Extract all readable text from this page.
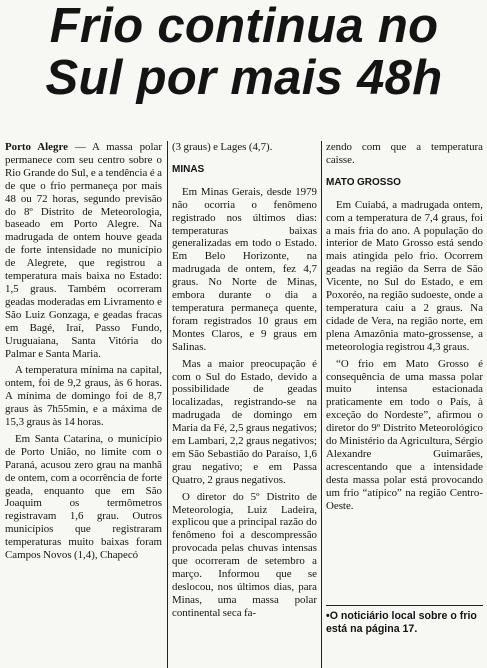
Frio continua no
Sul por mais 48h

Porto Alegre — A massa polar permanece com seu centro sobre o Rio Grande do Sul, e a tendência é a de que o frio permaneça por mais 48 ou 72 horas, segundo previsão do 8º Distrito de Meteorologia, baseado em Porto Alegre. Na madrugada de ontem houve geada de forte intensidade no município de Alegrete, que registrou a temperatura mais baixa no Estado: 1,5 graus. Também ocorreram geadas moderadas em Livramento e São Luiz Gonzaga, e geadas fracas em Bagé, Iraí, Passo Fundo, Uruguaiana, Santa Vitória do Palmar e Santa Maria.

A temperatura mínima na capital, ontem, foi de 9,2 graus, às 6 horas. A mínima de domingo foi de 8,7 graus às 7h55min, e a máxima de 15,3 graus às 14 horas.

Em Santa Catarina, o município de Porto União, no limite com o Paraná, acusou zero grau na manhã de ontem, com a ocorrência de forte geada, enquanto que em São Joaquim os termômetros registravam 1,6 grau. Outros municípios que registraram temperaturas muito baixas foram Campos Novos (1,4), Chapecó

(3 graus) e Lages (4,7).

MINAS

Em Minas Gerais, desde 1979 não ocorria o fenômeno registrado nos últimos dias: temperaturas baixas generalizadas em todo o Estado. Em Belo Horizonte, na madrugada de ontem, fez 4,7 graus. No Norte de Minas, embora durante o dia a temperatura permaneça quente, foram registrados 10 graus em Montes Claros, e 9 graus em Salinas.

Mas a maior preocupação é com o Sul do Estado, devido a possibilidade de geadas localizadas, registrando-se na madrugada de domingo em Maria da Fé, 2,5 graus negativos; em Lambari, 2,2 graus negativos; em São Sebastião do Paraíso, 1,6 grau negativo; e em Passa Quatro, 2 graus negativos.

O diretor do 5º Distrito de Meteorologia, Luiz Ladeira, explicou que a principal razão do fenômeno foi a descompressão provocada pelas chuvas intensas que ocorreram de setembro a março. Informou que se deslocou, nos últimos dias, para Minas, uma massa polar continental seca fa-

zendo com que a temperatura caisse.

MATO GROSSO

Em Cuiabá, a madrugada ontem, com a temperatura de 7,4 graus, foi a mais fria do ano. A população do interior de Mato Grosso está sendo mais atingida pelo frio. Ocorrem geadas na região da Serra de São Vicente, no Sul do Estado, e em Poxoréo, na região sudoeste, onde a temperatura caiu a 2 graus. Na cidade de Vera, na região norte, em plena Amazônia mato-grossense, a meteorologia registrou 4,3 graus.

“O frio em Mato Grosso é consequência de uma massa polar muito intensa estacionada praticamente em todo o País, à exceção do Nordeste”, afirmou o diretor do 9º Distrito Meteorológico do Ministério da Agricultura, Sérgio Alexandre Guimarães, acrescentando que a intensidade desta massa polar está provocando um frio “atípico” na região Centro-Oeste.

•O noticiário local sobre o frio está na página 17.
